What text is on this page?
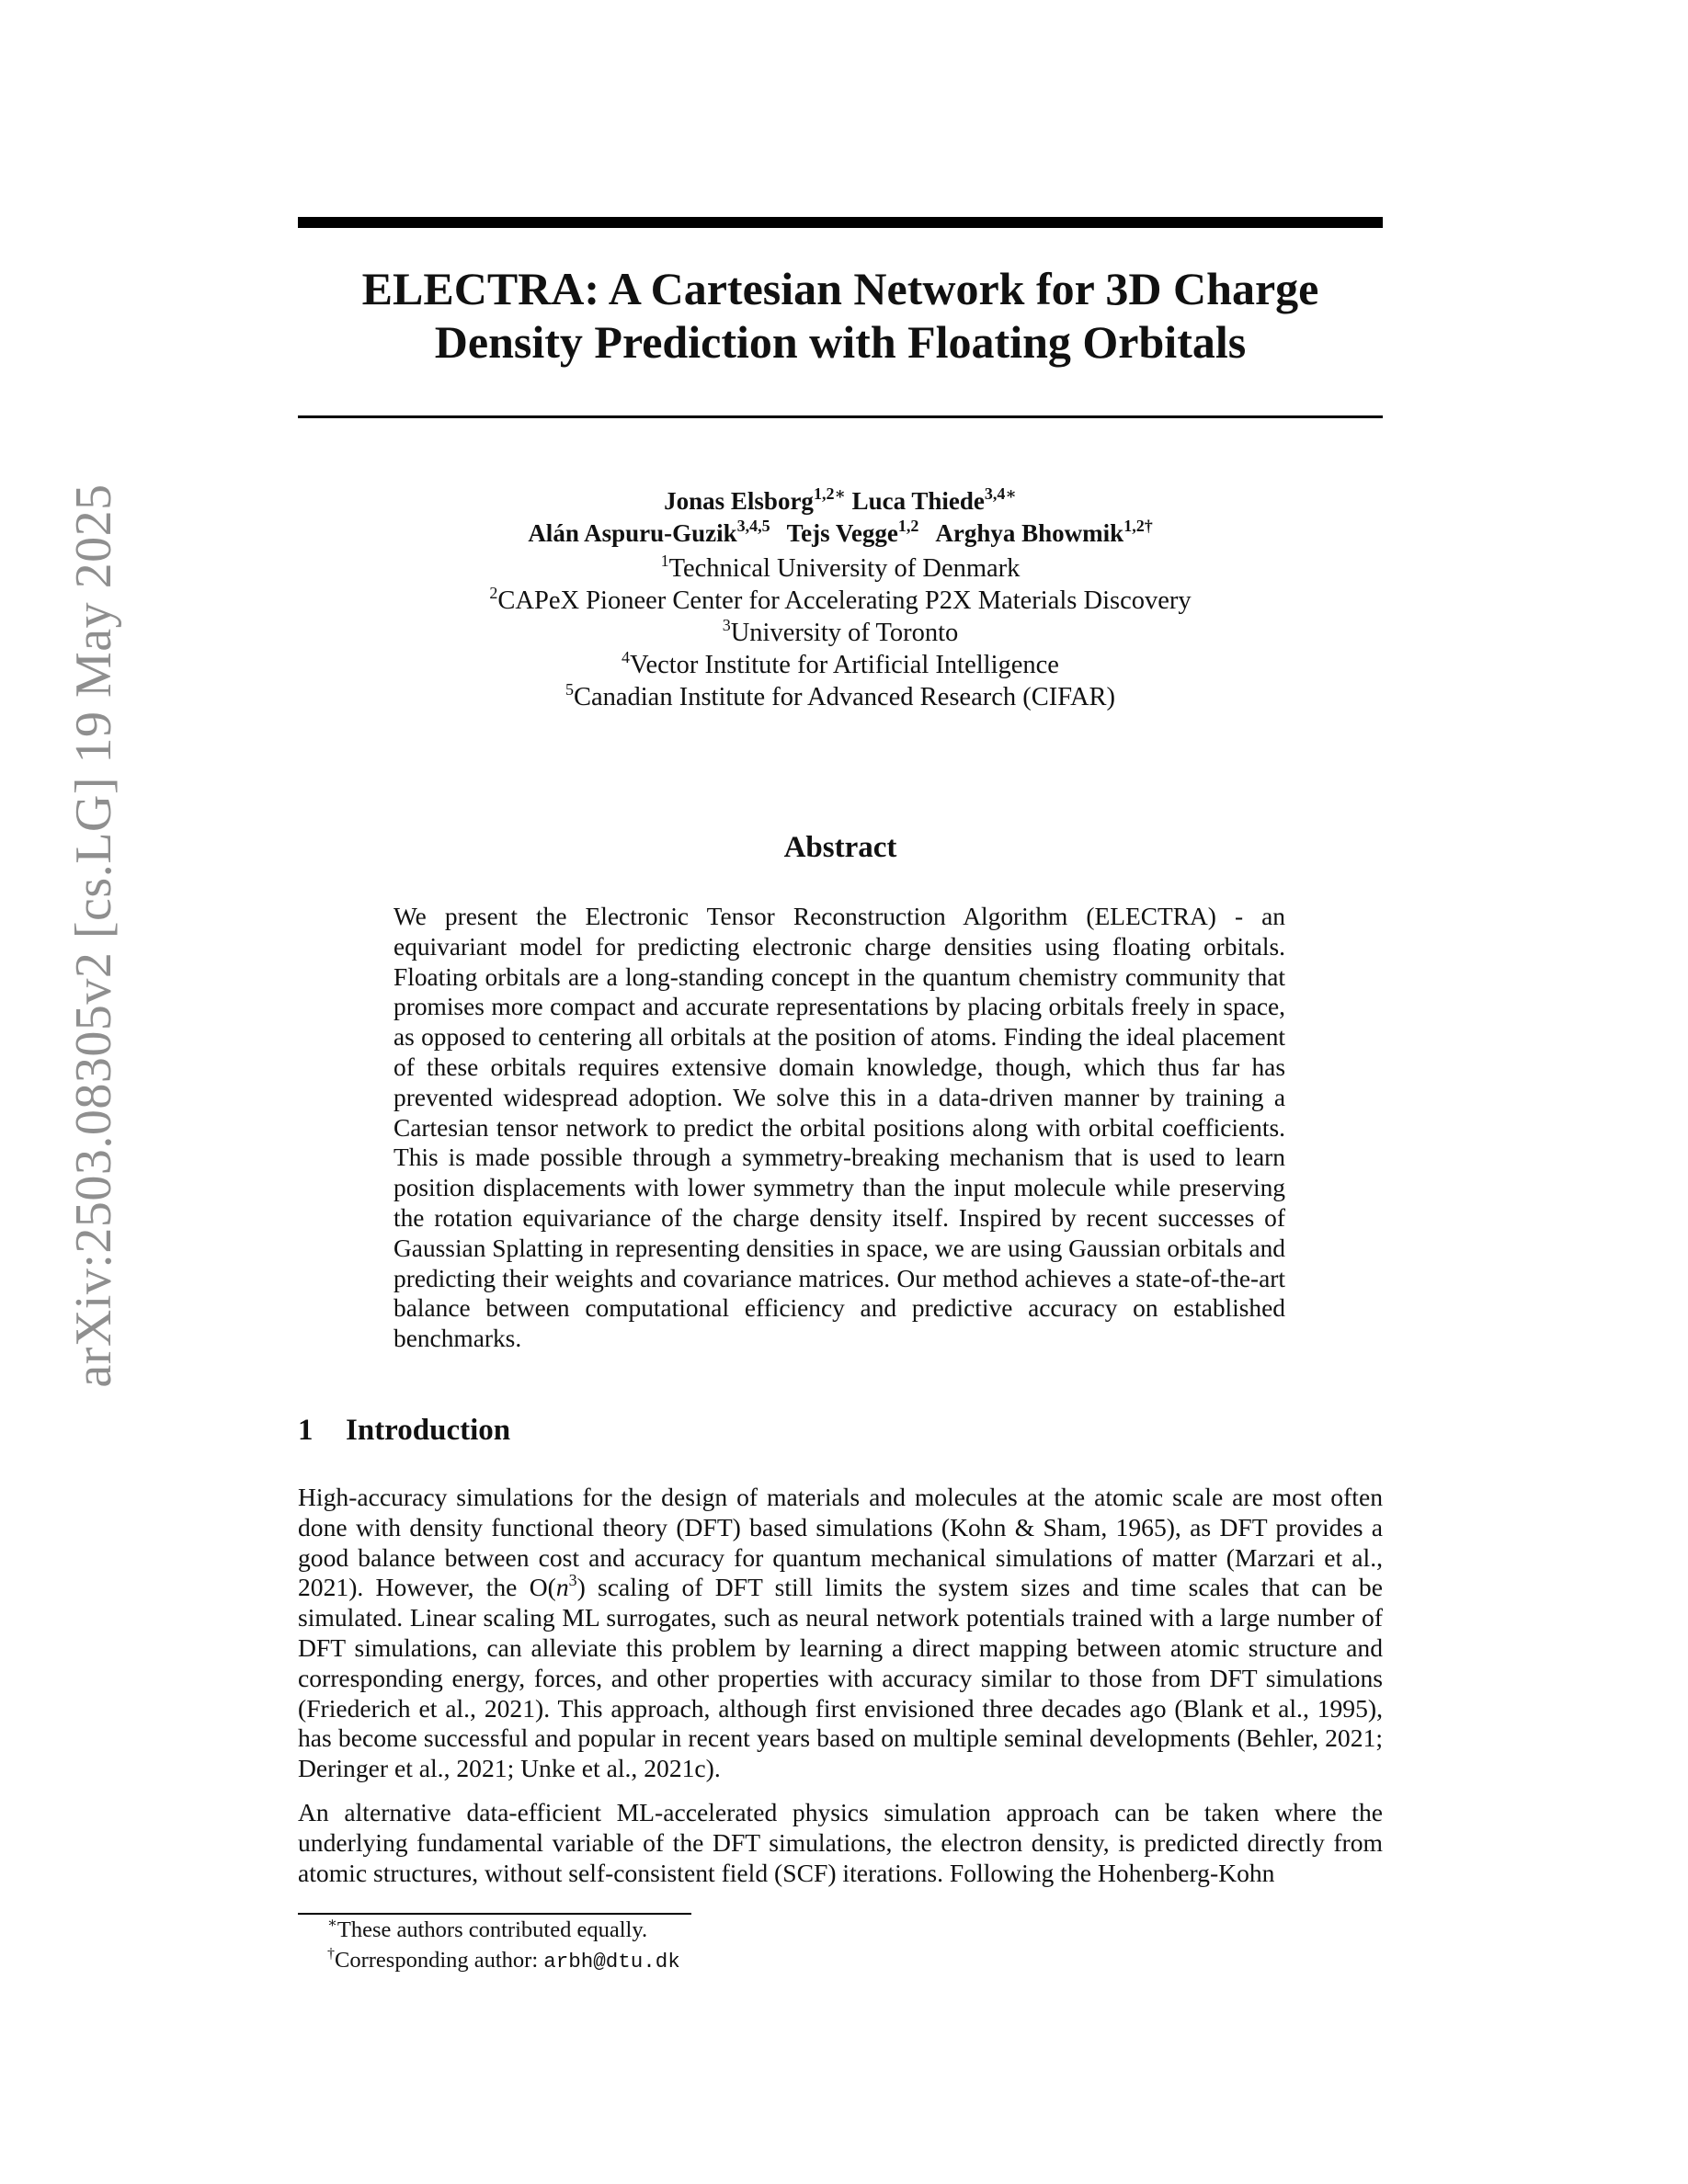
arXiv:2503.08305v2 [cs.LG] 19 May 2025
ELECTRA: A Cartesian Network for 3D Charge
Density Prediction with Floating Orbitals
Jonas Elsborg$^{1,2∗}$ Luca Thiede$^{3,4∗}$
Alán Aspuru-Guzik$^{3,4,5}$ Tejs Vegge$^{1,2}$ Arghya Bhowmik$^{1,2\dagger}$
$^1$Technical University of Denmark
$^2$CAPeX Pioneer Center for Accelerating P2X Materials Discovery
$^3$University of Toronto
$^4$Vector Institute for Artificial Intelligence
$^5$Canadian Institute for Advanced Research (CIFAR)
Abstract
We present the Electronic Tensor Reconstruction Algorithm (ELECTRA) - an equivariant model for predicting electronic charge densities using floating orbitals. Floating orbitals are a long-standing concept in the quantum chemistry community that promises more compact and accurate representations by placing orbitals freely in space, as opposed to centering all orbitals at the position of atoms. Finding the ideal placement of these orbitals requires extensive domain knowledge, though, which thus far has prevented widespread adoption. We solve this in a data-driven manner by training a Cartesian tensor network to predict the orbital positions along with orbital coefficients. This is made possible through a symmetry-breaking mechanism that is used to learn position displacements with lower symmetry than the input molecule while preserving the rotation equivariance of the charge density itself. Inspired by recent successes of Gaussian Splatting in representing densities in space, we are using Gaussian orbitals and predicting their weights and covariance matrices. Our method achieves a state-of-the-art balance between computational efficiency and predictive accuracy on established benchmarks.
1 Introduction
High-accuracy simulations for the design of materials and molecules at the atomic scale are most often done with density functional theory (DFT) based simulations (Kohn & Sham, 1965), as DFT provides a good balance between cost and accuracy for quantum mechanical simulations of matter (Marzari et al., 2021). However, the $O(n^3)$ scaling of DFT still limits the system sizes and time scales that can be simulated. Linear scaling ML surrogates, such as neural network potentials trained with a large number of DFT simulations, can alleviate this problem by learning a direct mapping between atomic structure and corresponding energy, forces, and other properties with accuracy similar to those from DFT simulations (Friederich et al., 2021). This approach, although first envisioned three decades ago (Blank et al., 1995), has become successful and popular in recent years based on multiple seminal developments (Behler, 2021; Deringer et al., 2021; Unke et al., 2021c).
An alternative data-efficient ML-accelerated physics simulation approach can be taken where the underlying fundamental variable of the DFT simulations, the electron density, is predicted directly from atomic structures, without self-consistent field (SCF) iterations. Following the Hohenberg-Kohn
∗These authors contributed equally.
†Corresponding author: arbh@dtu.dk
